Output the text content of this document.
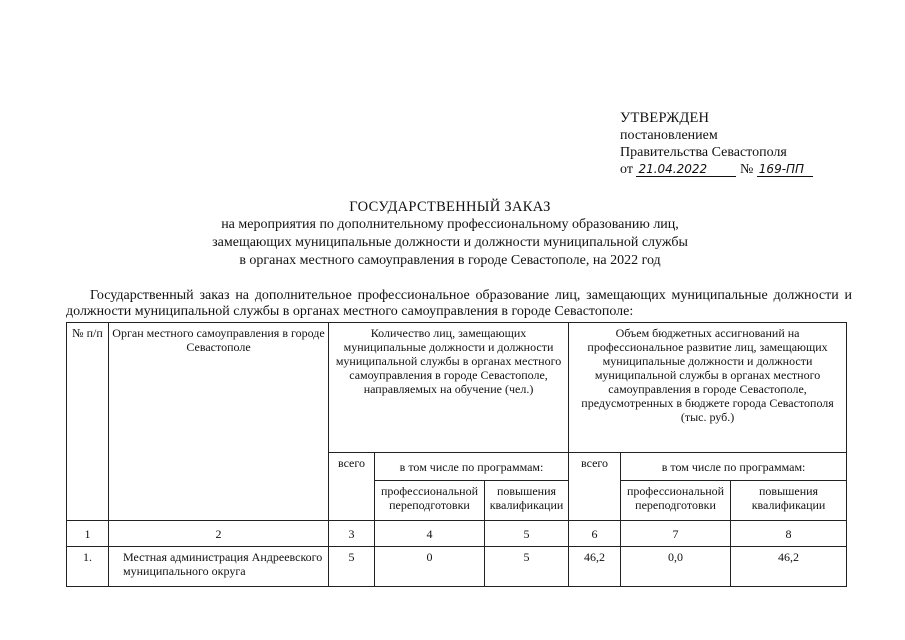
УТВЕРЖДЕН
постановлением
Правительства Севастополя
от 21.04.2022 № 169-ПП
ГОСУДАРСТВЕННЫЙ ЗАКАЗ
на мероприятия по дополнительному профессиональному образованию лиц,
замещающих муниципальные должности и должности муниципальной службы
в органах местного самоуправления в городе Севастополе, на 2022 год
Государственный заказ на дополнительное профессиональное образование лиц, замещающих муниципальные должности и должности муниципальной службы в органах местного самоуправления в городе Севастополе:
№ п/п	Орган местного самоуправления в городе Севастополе	Количество лиц, замещающих муниципальные должности и должности муниципальной службы в органах местного самоуправления в городе Севастополе, направляемых на обучение (чел.)			Объем бюджетных ассигнований на профессиональное развитие лиц, замещающих муниципальные должности и должности муниципальной службы в органах местного самоуправления в городе Севастополе, предусмотренных в бюджете города Севастополя (тыс. руб.)		
		всего	в том числе по программам:		всего	в том числе по программам:	
			профессиональной переподготовки	повышения квалификации		профессиональной переподготовки	повышения квалификации
1	2	3	4	5	6	7	8
1.	Местная администрация Андреевского муниципального округа	5	0	5	46,2	0,0	46,2
